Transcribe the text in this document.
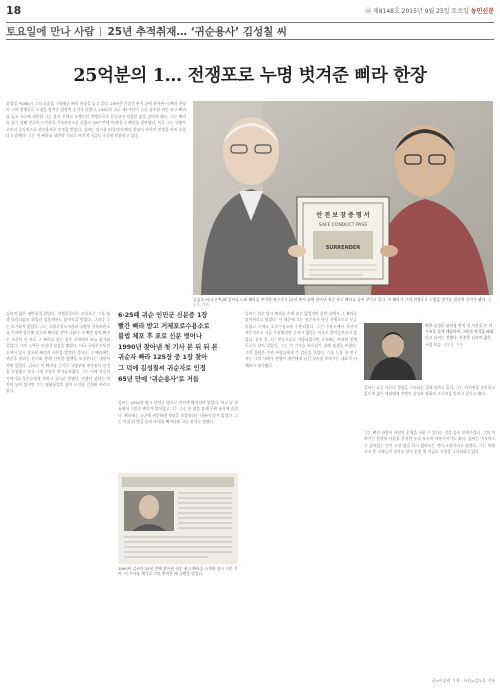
18	⑭ 제8148호 2015년 9월 25일 토요일 농민신문
토요일에 만나 사람 25년 추적취재… ‘귀순용사’ 김성칠 씨
25억분의 1… 전쟁포로 누명 벗겨준 삐라 한장

김성칠 씨(86)가 그의 목숨을 구원해준 삐라 한장을 들고 있다. 25년간 끈질긴 추적 끝에 찾아낸 이 삐라 한장이 그의 전쟁포로 누명을 벗겨준 결정적 증거가 되었다. 1951년 국군 제1사단이 공중 살포한 귀순 권고 삐라를 들고 국군에 귀순한 그는 휴전 후에도 오랫동안 전쟁포로로 분류되어 억울한 삶을 살아야 했다. 그는 삐라를 찾기 위해 전국의 도서관과 기록보관소를 뒤졌고 25년 만에 마침내 그 삐라를 찾아냈다. 이후 그는 국방부로부터 공식적으로 귀순용사로 인정을 받았다. 김씨는 당시를 떠올리며 삐라 한장이 자신의 인생을 바꿔 놓았다고 말했다. 그는 이 삐라를 집안의 가보로 여기며 지금도 소중히 보관하고 있다.

안 전 보 장 증 명 서
SAFE CONDUCT PASS
SURRENDER
김성칠 씨(오른쪽)와 김씨를 도와 삐라를 추적한 연구자가 25년 추적 끝에 찾아낸 귀순 권고 삐라를 들어 보이고 있다. 이 삐라가 그의 전쟁포로 누명을 벗겨준 결정적 증거가 됐다. 김도웅 기자

김씨의 삶은 평탄하지 않았다. 전쟁포로라는 꼬리표는 그를 평생 따라다녔고 취업과 결혼에서도 불이익을 받았다. 그러나 그는 포기하지 않았다. 그는 국립중앙도서관과 국방부 기록보관소를 수차례 방문해 당시의 삐라를 찾아 나섰다. 수백만 장의 삐라 중 자신이 본 바로 그 삐라를 찾는 일은 사막에서 바늘 찾기와 같았다. 그의 노력은 마침내 결실을 맺었다. 미국 국립문서보관소에서 당시 살포된 삐라의 사본을 발견한 것이다. 그 삐라에는 귀순을 권하는 문구와 함께 안전한 통행을 보장한다는 내용이 적혀 있었다. 김씨는 이 삐라를 근거로 국방부에 귀순용사 인정을 신청했고 결국 그의 주장은 받아들여졌다. 그는 이제 자신의 이야기를 후손들에게 전하고 싶다고 말했다. 전쟁의 상처는 여전히 남아 있지만 그는 평화통일의 날이 오기를 간절히 바라고 있다.

6·25때 귀순 인민군 신분증 1장
빨간 삐라 받고 거제포로수용소로
불법 체포 후 포로 신분 벗어나
1990년 찾아낸 첫 기사 본 뒤 뒤 본
귀순자 빠라 125장 중 1장 찾아
그 덕에 김성칠씨 귀순자로 인정
65년 만에 ‘귀순용사’로 거듭

김씨는 1951년 당시 인민군 병사로 전선에 배치되어 있었다. 어느 날 하늘에서 수많은 삐라가 떨어졌고 그는 그중 한 장을 몰래 주워 품속에 숨겼다. 삐라에는 국군에 귀순하면 생명을 보장한다는 내용이 담겨 있었다. 그는 며칠 뒤 밤을 틈타 부대를 빠져나와 국군 진지로 향했다.

1990년 김씨가 25년 만에 찾아낸 귀순 권고 삐라를 소개한 당시 신문 기사. 이 기사를 계기로 그의 추적은 새 국면을 맞았다.

김씨는 귀순 당시 삐라를 손에 쥐고 있었지만 혼란 속에서 그 삐라를 잃어버리고 말았다. 이 때문에 그는 귀순자가 아닌 전쟁포로로 분류되었고 거제도 포로수용소에 수용되었다. 그는 수용소에서 자신이 귀순자라고 거듭 주장했지만 증거가 없다는 이유로 받아들여지지 않았다. 휴전 후 그는 반공포로로 석방되었지만 기록에는 여전히 전쟁포로로 남아 있었다. 그는 이 기록을 바로잡기 위해 평생을 바쳤다. 그의 집념은 주변 사람들에게 큰 감동을 주었다. 그를 도운 한 연구자는 그의 사례가 전쟁이 개인에게 남긴 상처를 보여주는 대표적 사례라고 평가했다.

북한 김정은 위원장 측이 이 사진을 본 뒤 가족을 찾게 해달라며 그에게 연락을 해왔다고 김씨는 전했다. 사진은 김씨의 젊은 시절 모습. 김도웅 기자

김씨는 요즘 자신의 경험을 기록하는 일에 힘쓰고 있다. 그는 자서전을 준비하고 있으며 젊은 세대에게 전쟁의 참상과 평화의 소중함을 알리고 싶다고 했다.

그는 삐라 한장이 사람의 운명을 바꿀 수 있다는 것을 몸소 보여주었다. 그의 이야기는 분단의 아픔을 간직한 우리 모두의 이야기이기도 하다. 김씨는 마지막으로 살아있는 동안 고향 땅을 다시 밟아보는 것이 소원이라고 말했다. 그는 북에 두고 온 가족들의 생사를 알지 못한 채 지금도 고향을 그리워하고 있다.

글=이종락 기자 · 사진=김도웅 기자
